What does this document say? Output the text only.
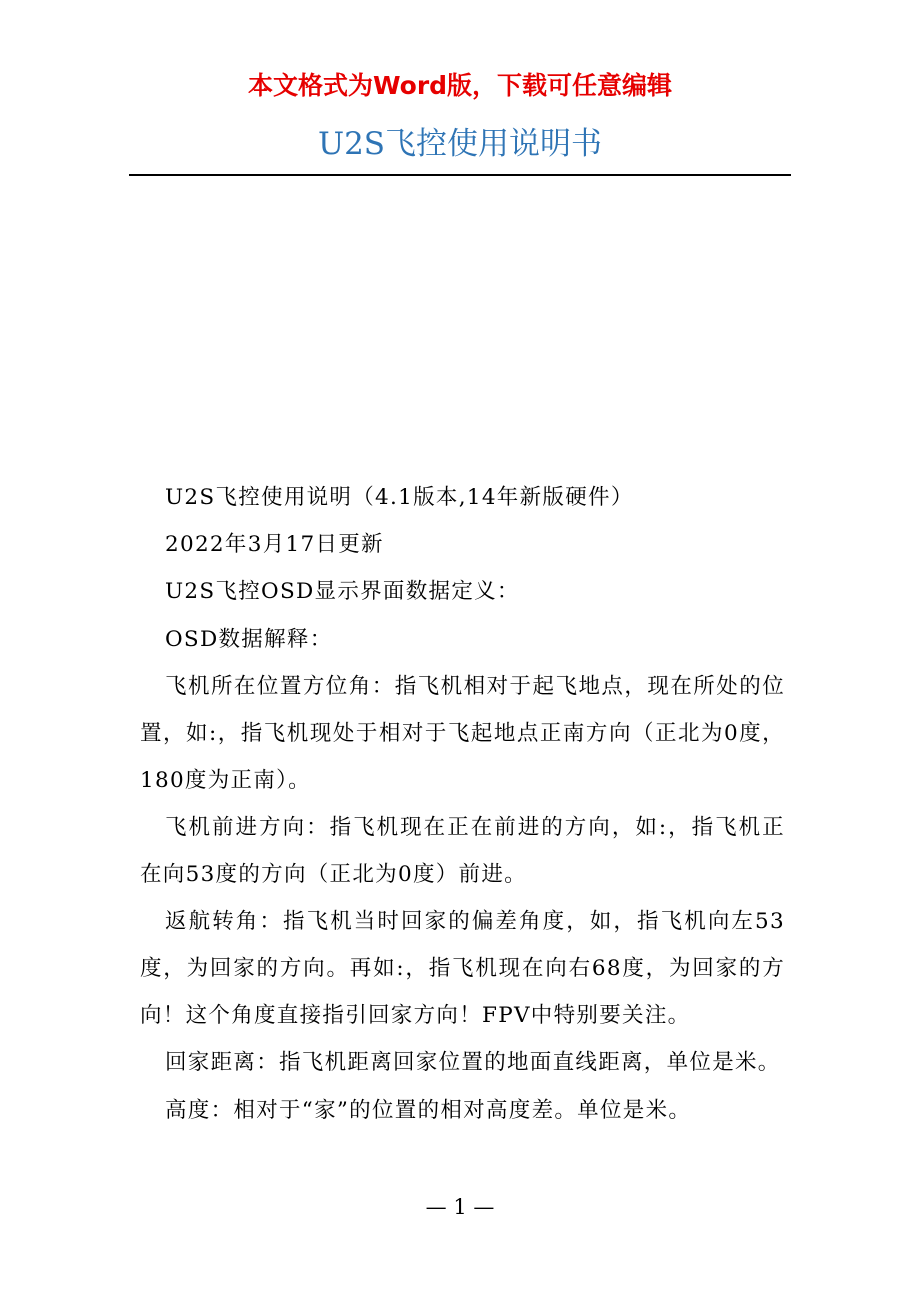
本文格式为Word版，下载可任意编辑
U2S飞控使用说明书

U2S飞控使用说明（4.1版本,14年新版硬件）

2022年3月17日更新

U2S飞控OSD显示界面数据定义：

OSD数据解释：

飞机所在位置方位角：指飞机相对于起飞地点，现在所处的位置，如:，指飞机现处于相对于飞起地点正南方向（正北为0度，180度为正南）。

飞机前进方向：指飞机现在正在前进的方向，如:，指飞机正在向53度的方向（正北为0度）前进。

返航转角：指飞机当时回家的偏差角度，如，指飞机向左53度，为回家的方向。再如:，指飞机现在向右68度，为回家的方向！这个角度直接指引回家方向！FPV中特别要关注。

回家距离：指飞机距离回家位置的地面直线距离，单位是米。

高度：相对于“家”的位置的相对高度差。单位是米。

— 1 —
